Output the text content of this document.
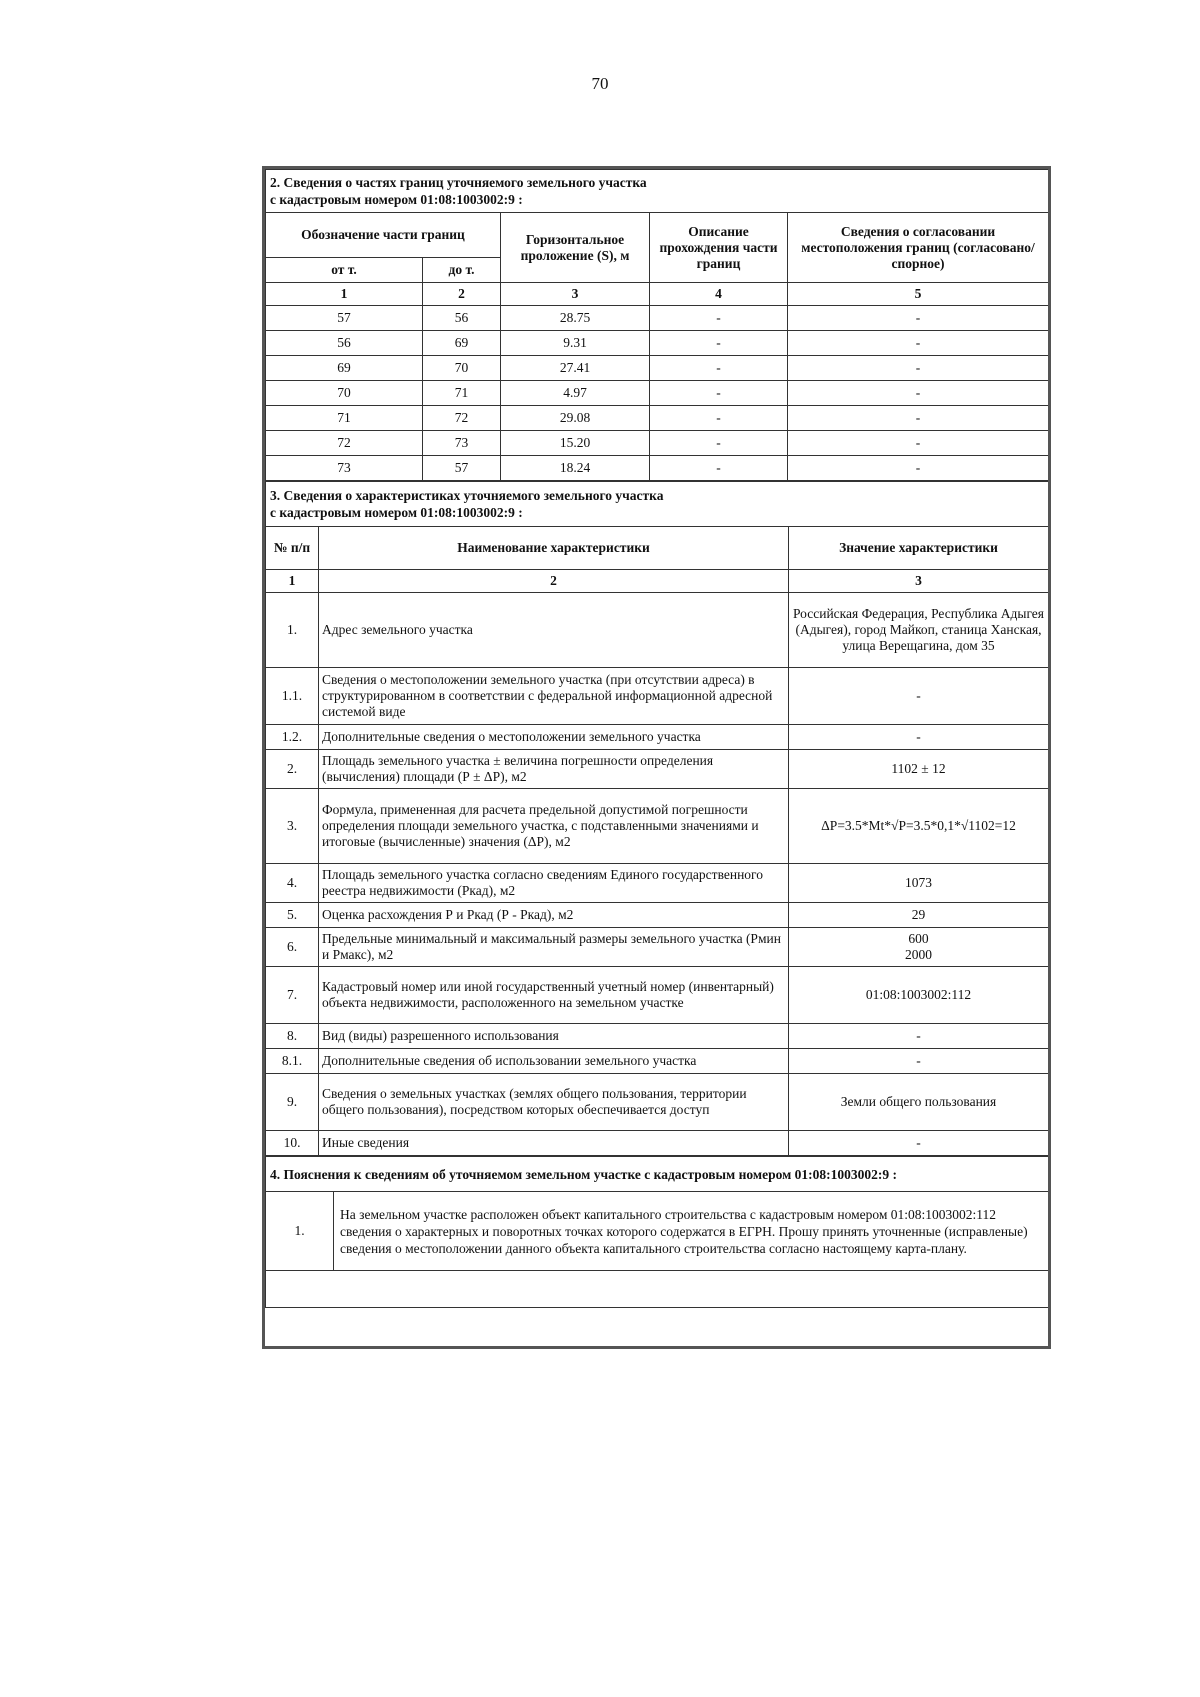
70
2. Сведения о частях границ уточняемого земельного участка
с кадастровым номером 01:08:1003002:9 :				

Обозначение части границ		Горизонтальное проложение (S), м	Описание прохождения части границ	Сведения о согласовании местоположения границ (согласовано/спорное)
от т.	до т.			
1	2	3	4	5
57	56	28.75	-	-
56	69	9.31	-	-
69	70	27.41	-	-
70	71	4.97	-	-
71	72	29.08	-	-
72	73	15.20	-	-
73	57	18.24	-	-
3. Сведения о характеристиках уточняемого земельного участка
с кадастровым номером 01:08:1003002:9 :		

№ п/п	Наименование характеристики	Значение характеристики
1	2	3
1.	Адрес земельного участка	Российская Федерация, Республика Адыгея (Адыгея), город Майкоп, станица Ханская, улица Верещагина, дом 35
1.1.	Сведения о местоположении земельного участка (при отсутствии адреса) в структурированном в соответствии с федеральной информационной адресной системой виде	-
1.2.	Дополнительные сведения о местоположении земельного участка	-
2.	Площадь земельного участка ± величина погрешности определения (вычисления) площади (Р ± ΔР), м2	1102 ± 12
3.	Формула, примененная для расчета предельной допустимой погрешности определения площади земельного участка, с подставленными значениями и итоговые (вычисленные) значения (ΔР), м2	ΔР=3.5*Mt*√P=3.5*0,1*√1102=12
4.	Площадь земельного участка согласно сведениям Единого государственного реестра недвижимости (Ркад), м2	1073
5.	Оценка расхождения Р и Ркад (Р - Ркад), м2	29
6.	Предельные минимальный и максимальный размеры земельного участка (Рмин и Рмакс), м2	600
2000

7.	Кадастровый номер или иной государственный учетный номер (инвентарный) объекта недвижимости, расположенного на земельном участке	01:08:1003002:112
8.	Вид (виды) разрешенного использования	-
8.1.	Дополнительные сведения об использовании земельного участка	-
9.	Сведения о земельных участках (землях общего пользования, территории общего пользования), посредством которых обеспечивается доступ	Земли общего пользования
10.	Иные сведения	-
4. Пояснения к сведениям об уточняемом земельном участке с кадастровым номером 01:08:1003002:9 :
1.	На земельном участке расположен объект капитального строительства с кадастровым номером 01:08:1003002:112 сведения о характерных и поворотных точках которого содержатся в ЕГРН. Прошу принять уточненные (исправленые) сведения о местоположении данного объекта капитального строительства согласно настоящему карта-плану.
